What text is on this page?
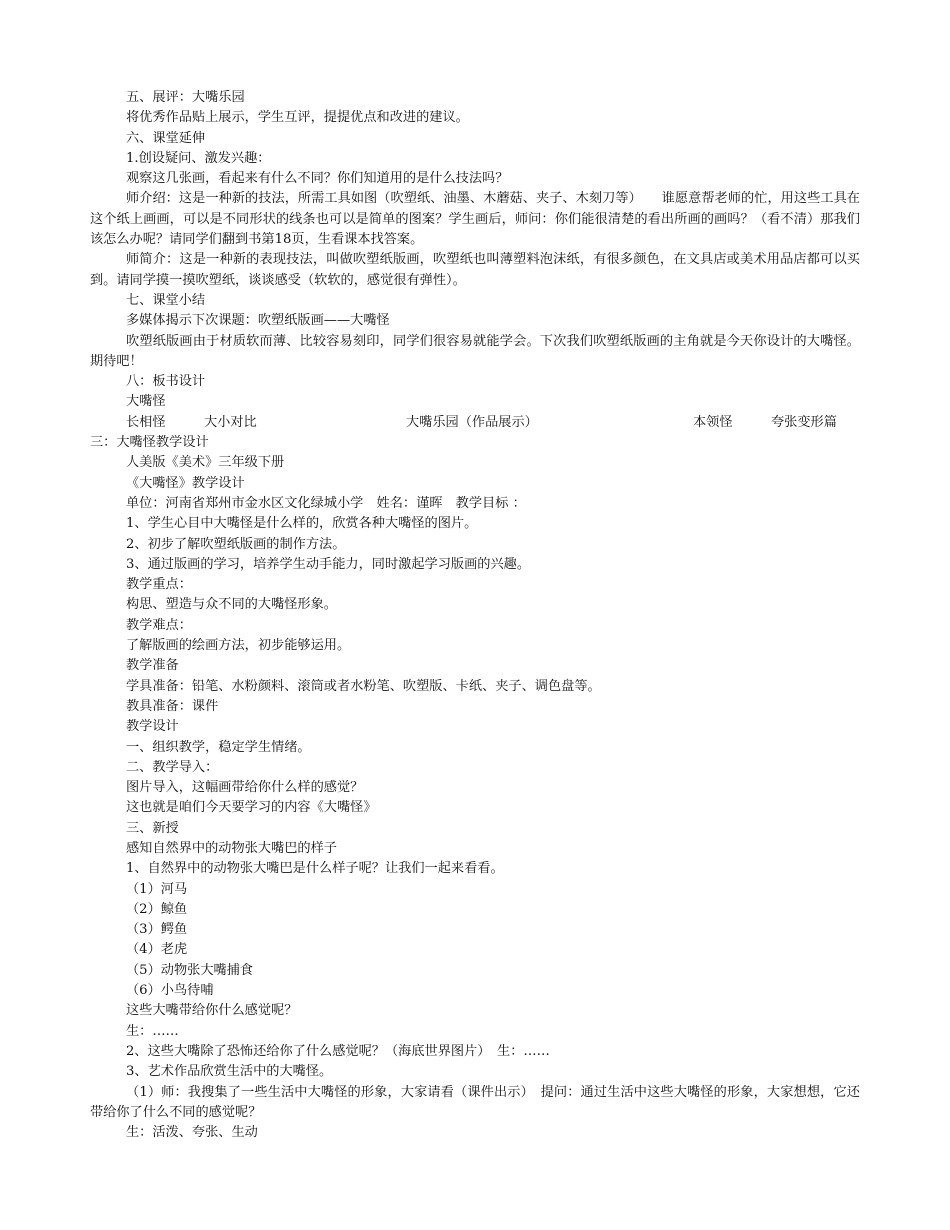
五、展评：大嘴乐园
将优秀作品贴上展示，学生互评，提提优点和改进的建议。
六、课堂延伸
1.创设疑问、激发兴趣：
观察这几张画，看起来有什么不同？你们知道用的是什么技法吗？
师介绍：这是一种新的技法，所需工具如图（吹塑纸、油墨、木蘑菇、夹子、木刻刀等）　　谁愿意帮老师的忙，用这些工具在这个纸上画画，可以是不同形状的线条也可以是简单的图案？学生画后，师问：你们能很清楚的看出所画的画吗？（看不清）那我们该怎么办呢？请同学们翻到书第18页，生看课本找答案。
师简介：这是一种新的表现技法，叫做吹塑纸版画，吹塑纸也叫薄塑料泡沫纸，有很多颜色，在文具店或美术用品店都可以买到。请同学摸一摸吹塑纸，谈谈感受（软软的，感觉很有弹性）。
七、课堂小结
多媒体揭示下次课题：吹塑纸版画——大嘴怪
吹塑纸版画由于材质软而薄、比较容易刻印，同学们很容易就能学会。下次我们吹塑纸版画的主角就是今天你设计的大嘴怪。期待吧！
八：板书设计
大嘴怪
长相怪	大小对比	大嘴乐园（作品展示）	本领怪	夸张变形篇
三：大嘴怪教学设计
人美版《美术》三年级下册
《大嘴怪》教学设计
单位：河南省郑州市金水区文化绿城小学　姓名：谨晖　教学目标 ：
1、学生心目中大嘴怪是什么样的，欣赏各种大嘴怪的图片。
2、初步了解吹塑纸版画的制作方法。
3、通过版画的学习，培养学生动手能力，同时激起学习版画的兴趣。
教学重点：
构思、塑造与众不同的大嘴怪形象。
教学难点：
了解版画的绘画方法，初步能够运用。
教学准备
学具准备：铅笔、水粉颜料、滚筒或者水粉笔、吹塑版、卡纸、夹子、调色盘等。
教具准备：课件
教学设计
一、组织教学，稳定学生情绪。
二、教学导入：
图片导入，这幅画带给你什么样的感觉？
这也就是咱们今天要学习的内容《大嘴怪》
三、新授
感知自然界中的动物张大嘴巴的样子
1、自然界中的动物张大嘴巴是什么样子呢？让我们一起来看看。
（1）河马
（2）鲸鱼
（3）鳄鱼
（4）老虎
（5）动物张大嘴捕食
（6）小鸟待哺
这些大嘴带给你什么感觉呢？
生：……
2、这些大嘴除了恐怖还给你了什么感觉呢？（海底世界图片）　生：……
3、艺术作品欣赏生活中的大嘴怪。
（1）师：我搜集了一些生活中大嘴怪的形象，大家请看（课件出示）　提问：通过生活中这些大嘴怪的形象，大家想想，它还带给你了什么不同的感觉呢？
生：活泼、夸张、生动
